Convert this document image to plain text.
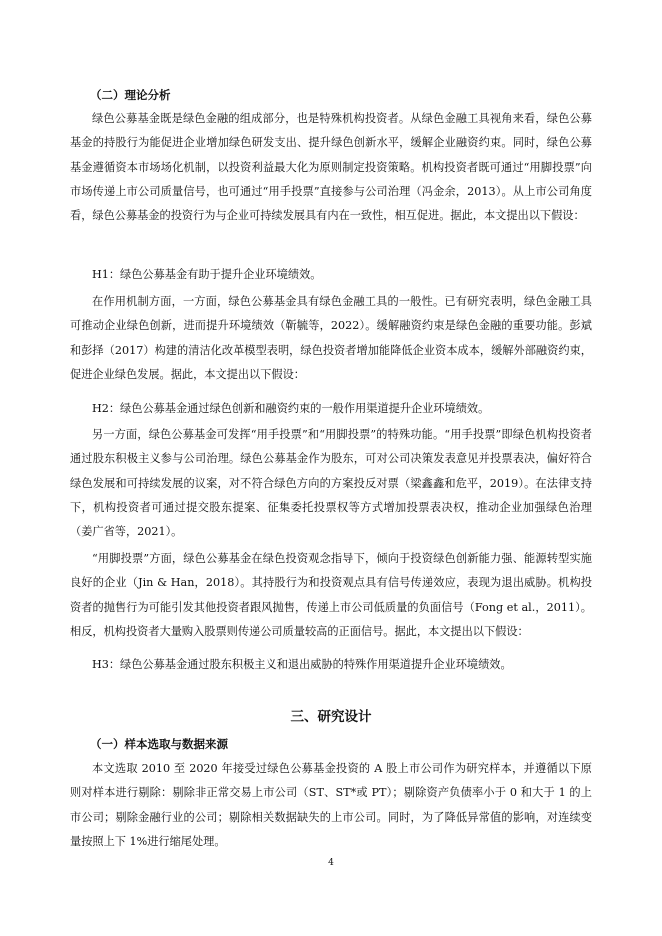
（二）理论分析

绿色公募基金既是绿色金融的组成部分，也是特殊机构投资者。从绿色金融工具视角来看，绿色公募基金的持股行为能促进企业增加绿色研发支出、提升绿色创新水平，缓解企业融资约束。同时，绿色公募基金遵循资本市场场化机制，以投资利益最大化为原则制定投资策略。机构投资者既可通过“用脚投票”向市场传递上市公司质量信号，也可通过“用手投票”直接参与公司治理（冯金余，2013）。从上市公司角度看，绿色公募基金的投资行为与企业可持续发展具有内在一致性，相互促进。据此，本文提出以下假设：

H1：绿色公募基金有助于提升企业环境绩效。

在作用机制方面，一方面，绿色公募基金具有绿色金融工具的一般性。已有研究表明，绿色金融工具可推动企业绿色创新，进而提升环境绩效（靳毓等，2022）。缓解融资约束是绿色金融的重要功能。彭斌和彭择（2017）构建的清洁化改革模型表明，绿色投资者增加能降低企业资本成本，缓解外部融资约束，促进企业绿色发展。据此，本文提出以下假设：

H2：绿色公募基金通过绿色创新和融资约束的一般作用渠道提升企业环境绩效。

另一方面，绿色公募基金可发挥“用手投票”和“用脚投票”的特殊功能。“用手投票”即绿色机构投资者通过股东积极主义参与公司治理。绿色公募基金作为股东，可对公司决策发表意见并投票表决，偏好符合绿色发展和可持续发展的议案，对不符合绿色方向的方案投反对票（梁鑫鑫和危平，2019）。在法律支持下，机构投资者可通过提交股东提案、征集委托投票权等方式增加投票表决权，推动企业加强绿色治理（姜广省等，2021）。

“用脚投票”方面，绿色公募基金在绿色投资观念指导下，倾向于投资绿色创新能力强、能源转型实施良好的企业（Jin & Han，2018）。其持股行为和投资观点具有信号传递效应，表现为退出威胁。机构投资者的抛售行为可能引发其他投资者跟风抛售，传递上市公司低质量的负面信号（Fong et al.，2011）。相反，机构投资者大量购入股票则传递公司质量较高的正面信号。据此，本文提出以下假设：

H3：绿色公募基金通过股东积极主义和退出威胁的特殊作用渠道提升企业环境绩效。
三、研究设计
（一）样本选取与数据来源

本文选取 2010 至 2020 年接受过绿色公募基金投资的 A 股上市公司作为研究样本，并遵循以下原则对样本进行剔除：剔除非正常交易上市公司（ST、ST*或 PT）；剔除资产负债率小于 0 和大于 1 的上市公司；剔除金融行业的公司；剔除相关数据缺失的上市公司。同时，为了降低异常值的影响，对连续变量按照上下 1%进行缩尾处理。

4
